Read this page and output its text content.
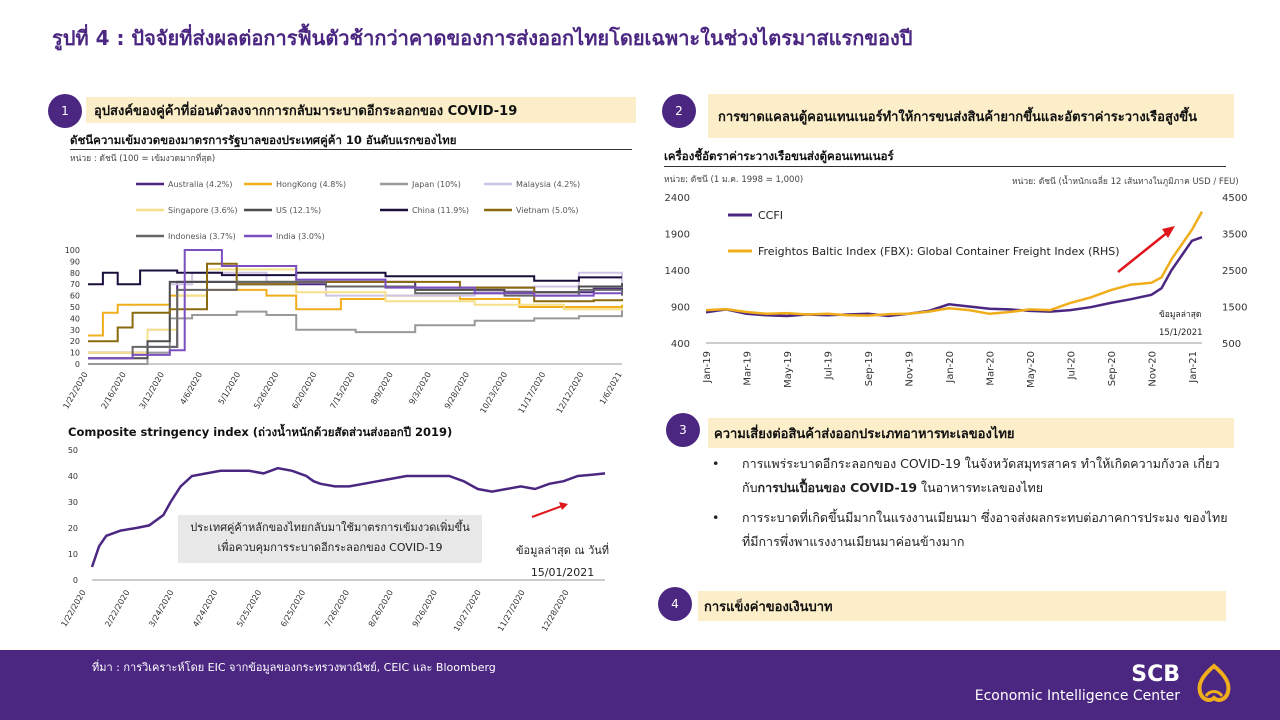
รูปที่ 4 : ปัจจัยที่ส่งผลต่อการฟื้นตัวช้ากว่าคาดของการส่งออกไทยโดยเฉพาะในช่วงไตรมาสแรกของปี
1	อุปสงค์ของคู่ค้าที่อ่อนตัวลงจากการกลับมาระบาดอีกระลอกของ COVID-19
ดัชนีความเข้มงวดของมาตรการรัฐบาลของประเทศคู่ค้า 10 อันดับแรกของไทย
หน่วย : ดัชนี (100 = เข้มงวดมากที่สุด)
0
10
20
30
40
50
60
70
80
90
100
1/22/2020 2/16/2020 3/12/2020 4/6/2020 5/1/2020 5/26/2020 6/20/2020 7/15/2020 8/9/2020 9/3/2020 9/28/2020 10/23/2020 11/17/2020 12/12/2020 1/6/2021
Australia (4.2%)	HongKong (4.8%)	Japan (10%)	Malaysia (4.2%)
Singapore (3.6%)	US (12.1%)	China (11.9%)	Vietnam (5.0%)
Indonesia (3.7%)	India (3.0%)
Composite stringency index (ถ่วงน้ำหนักด้วยสัดส่วนส่งออกปี 2019)
0
10
20
30
40
50
1/22/2020 2/22/2020 3/24/2020 4/24/2020 5/25/2020 6/25/2020 7/26/2020 8/26/2020 9/26/2020 10/27/2020 11/27/2020 12/28/2020
ประเทศคู่ค้าหลักของไทยกลับมาใช้มาตรการเข้มงวดเพิ่มขึ้น
เพื่อควบคุมการระบาดอีกระลอกของ COVID-19	ข้อมูลล่าสุด ณ วันที่
15/01/2021
2	การขาดแคลนตู้คอนเทนเนอร์ทำให้การขนส่งสินค้ายากขึ้นและอัตราค่าระวางเรือสูงขึ้น
เครื่องชี้อัตราค่าระวางเรือขนส่งตู้คอนเทนเนอร์
หน่วย: ดัชนี (1 ม.ค. 1998 = 1,000)	หน่วย: ดัชนี (น้ำหนักเฉลี่ย 12 เส้นทางในภูมิภาค USD / FEU)
400
900
1400
1900
2400
500
1500
2500
3500
4500
Jan-19	Mar-19	May-19	Jul-19	Sep-19	Nov-19	Jan-20	Mar-20	May-20	Jul-20	Sep-20	Nov-20	Jan-21
CCFI
Freightos Baltic Index (FBX): Global Container Freight Index (RHS)
ข้อมูลล่าสุด
15/1/2021
3	ความเสี่ยงต่อสินค้าส่งออกประเภทอาหารทะเลของไทย
• การแพร่ระบาดอีกระลอกของ COVID-19 ในจังหวัดสมุทรสาคร ทำให้เกิดความกังวล เกี่ยวกับการปนเปื้อนของ COVID-19 ในอาหารทะเลของไทย
• การระบาดที่เกิดขึ้นมีมากในแรงงานเมียนมา ซึ่งอาจส่งผลกระทบต่อภาคการประมง ของไทยที่มีการพึ่งพาแรงงานเมียนมาค่อนข้างมาก
4	การแข็งค่าของเงินบาท
ที่มา : การวิเคราะห์โดย EIC จากข้อมูลของกระทรวงพาณิชย์, CEIC และ Bloomberg	SCB
Economic Intelligence Center
